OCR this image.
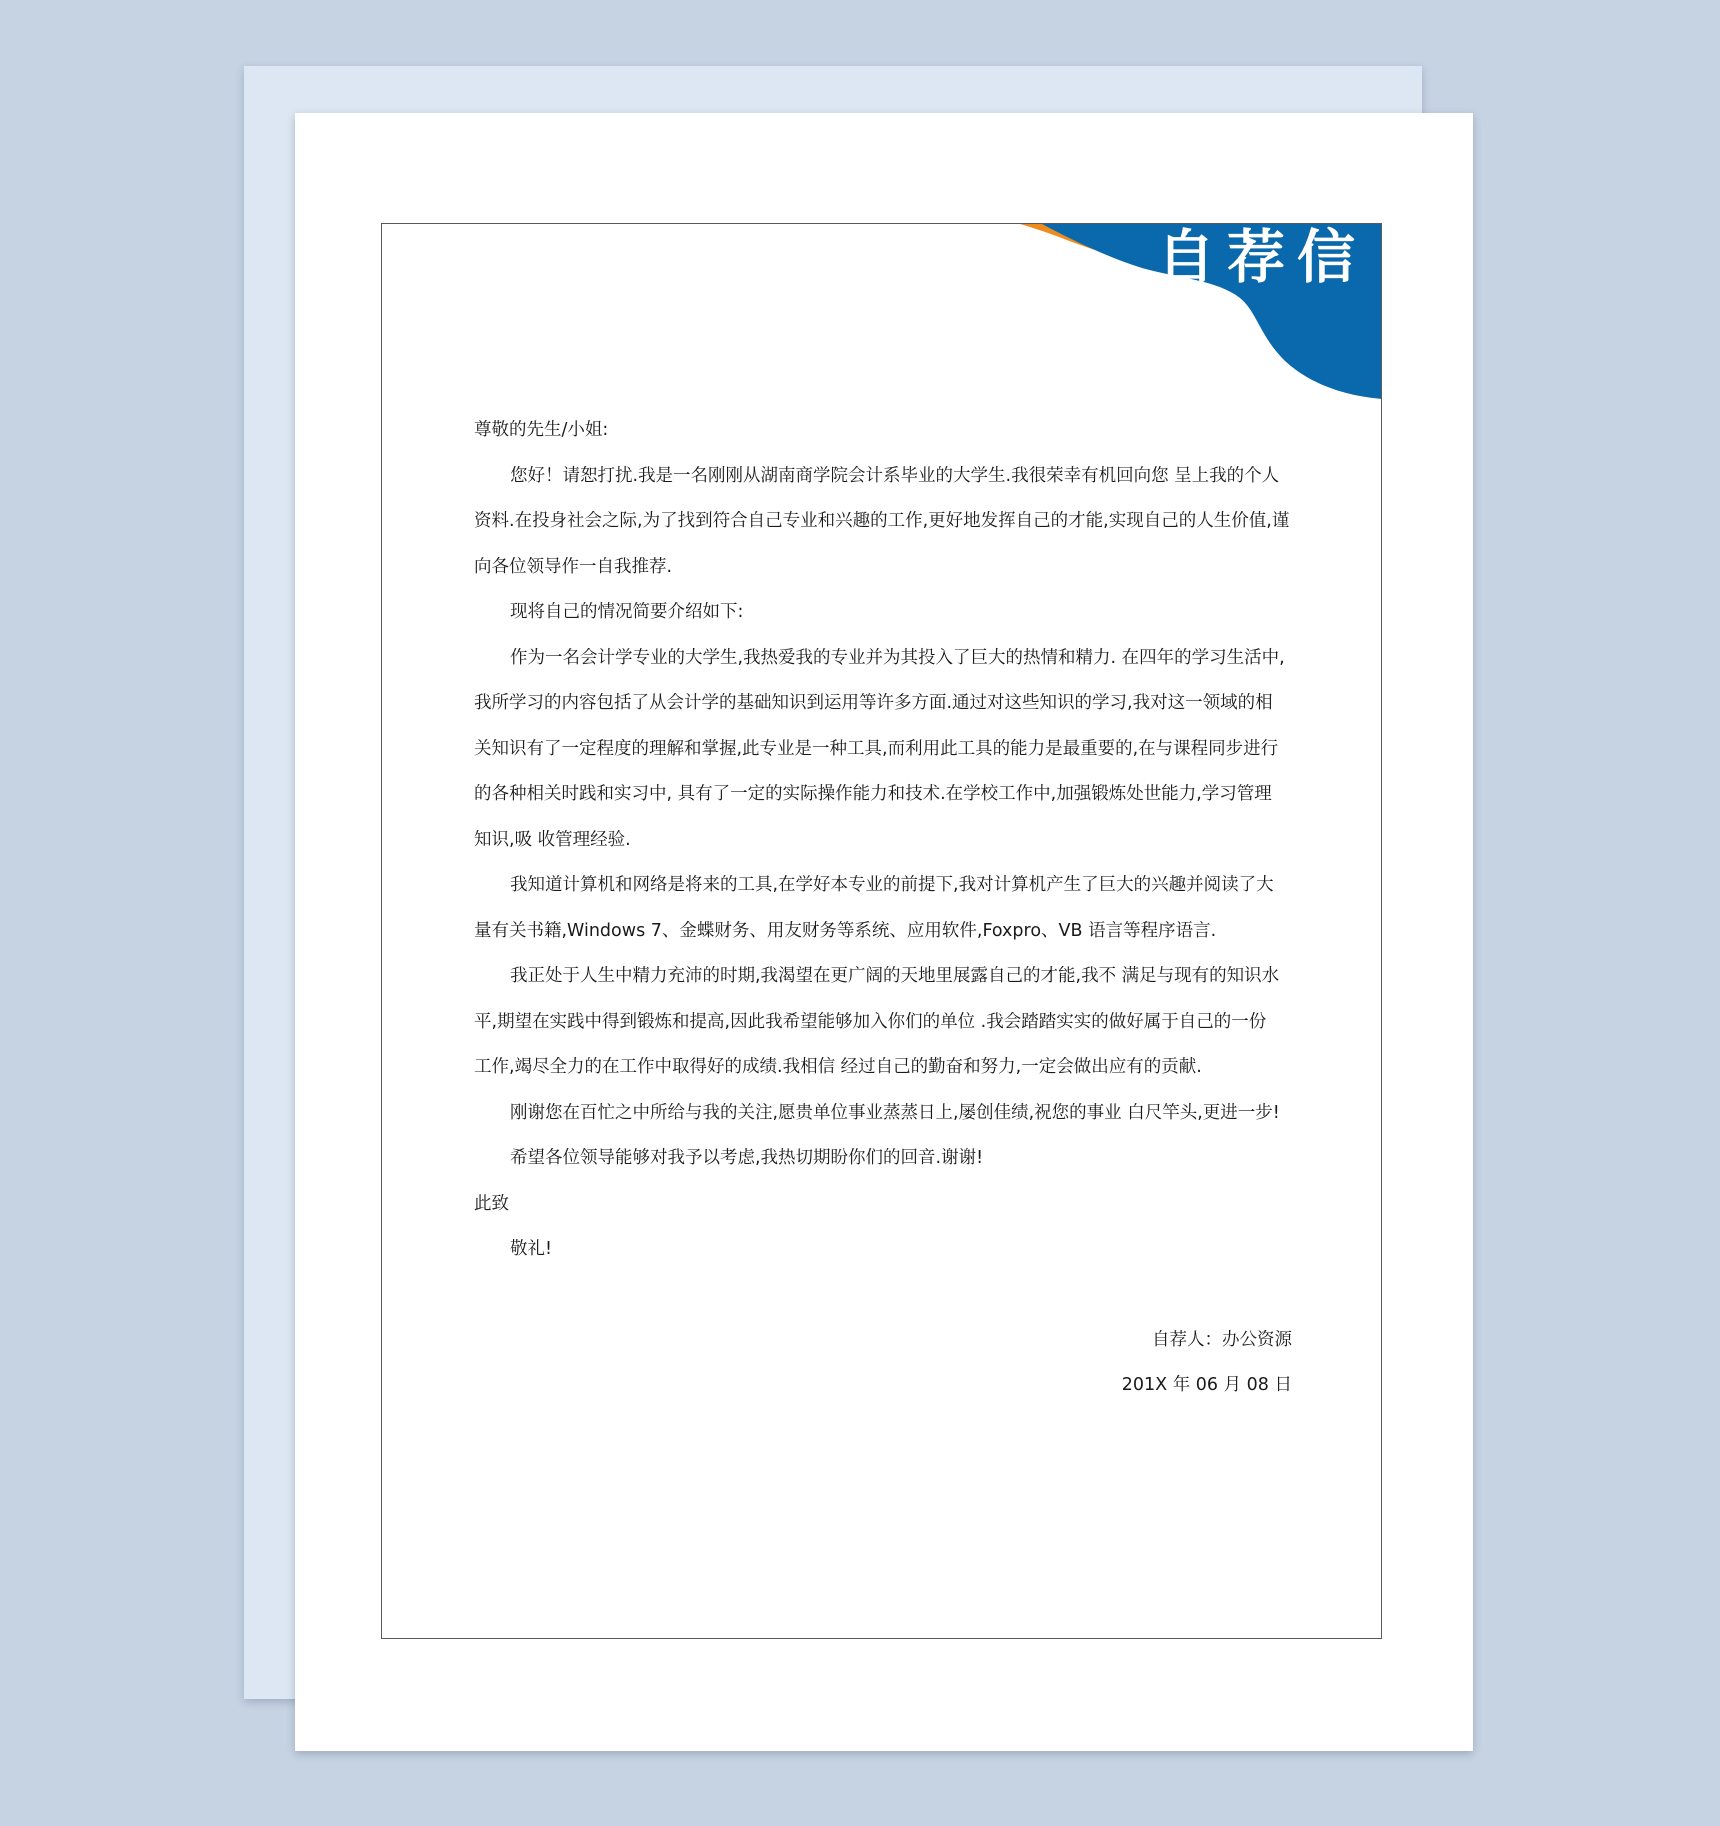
自荐信
尊敬的先生/小姐:
您好！请恕打扰.我是一名刚刚从湖南商学院会计系毕业的大学生.我很荣幸有机回向您 呈上我的个人
资料.在投身社会之际,为了找到符合自己专业和兴趣的工作,更好地发挥自己的才能,实现自己的人生价值,谨
向各位领导作一自我推荐.
现将自己的情况简要介绍如下:
作为一名会计学专业的大学生,我热爱我的专业并为其投入了巨大的热情和精力. 在四年的学习生活中,
我所学习的内容包括了从会计学的基础知识到运用等许多方面.通过对这些知识的学习,我对这一领域的相
关知识有了一定程度的理解和掌握,此专业是一种工具,而利用此工具的能力是最重要的,在与课程同步进行
的各种相关时践和实习中, 具有了一定的实际操作能力和技术.在学校工作中,加强锻炼处世能力,学习管理
知识,吸 收管理经验.
我知道计算机和网络是将来的工具,在学好本专业的前提下,我对计算机产生了巨大的兴趣并阅读了大
量有关书籍,Windows 7、金蝶财务、用友财务等系统、应用软件,Foxpro、VB 语言等程序语言.
我正处于人生中精力充沛的时期,我渴望在更广阔的天地里展露自己的才能,我不 满足与现有的知识水
平,期望在实践中得到锻炼和提高,因此我希望能够加入你们的单位 .我会踏踏实实的做好属于自己的一份
工作,竭尽全力的在工作中取得好的成绩.我相信 经过自己的勤奋和努力,一定会做出应有的贡献.
刚谢您在百忙之中所给与我的关注,愿贵单位事业蒸蒸日上,屡创佳绩,祝您的事业 白尺竿头,更进一步!
希望各位领导能够对我予以考虑,我热切期盼你们的回音.谢谢!
此致
敬礼!
自荐人：办公资源
201X 年 06 月 08 日
